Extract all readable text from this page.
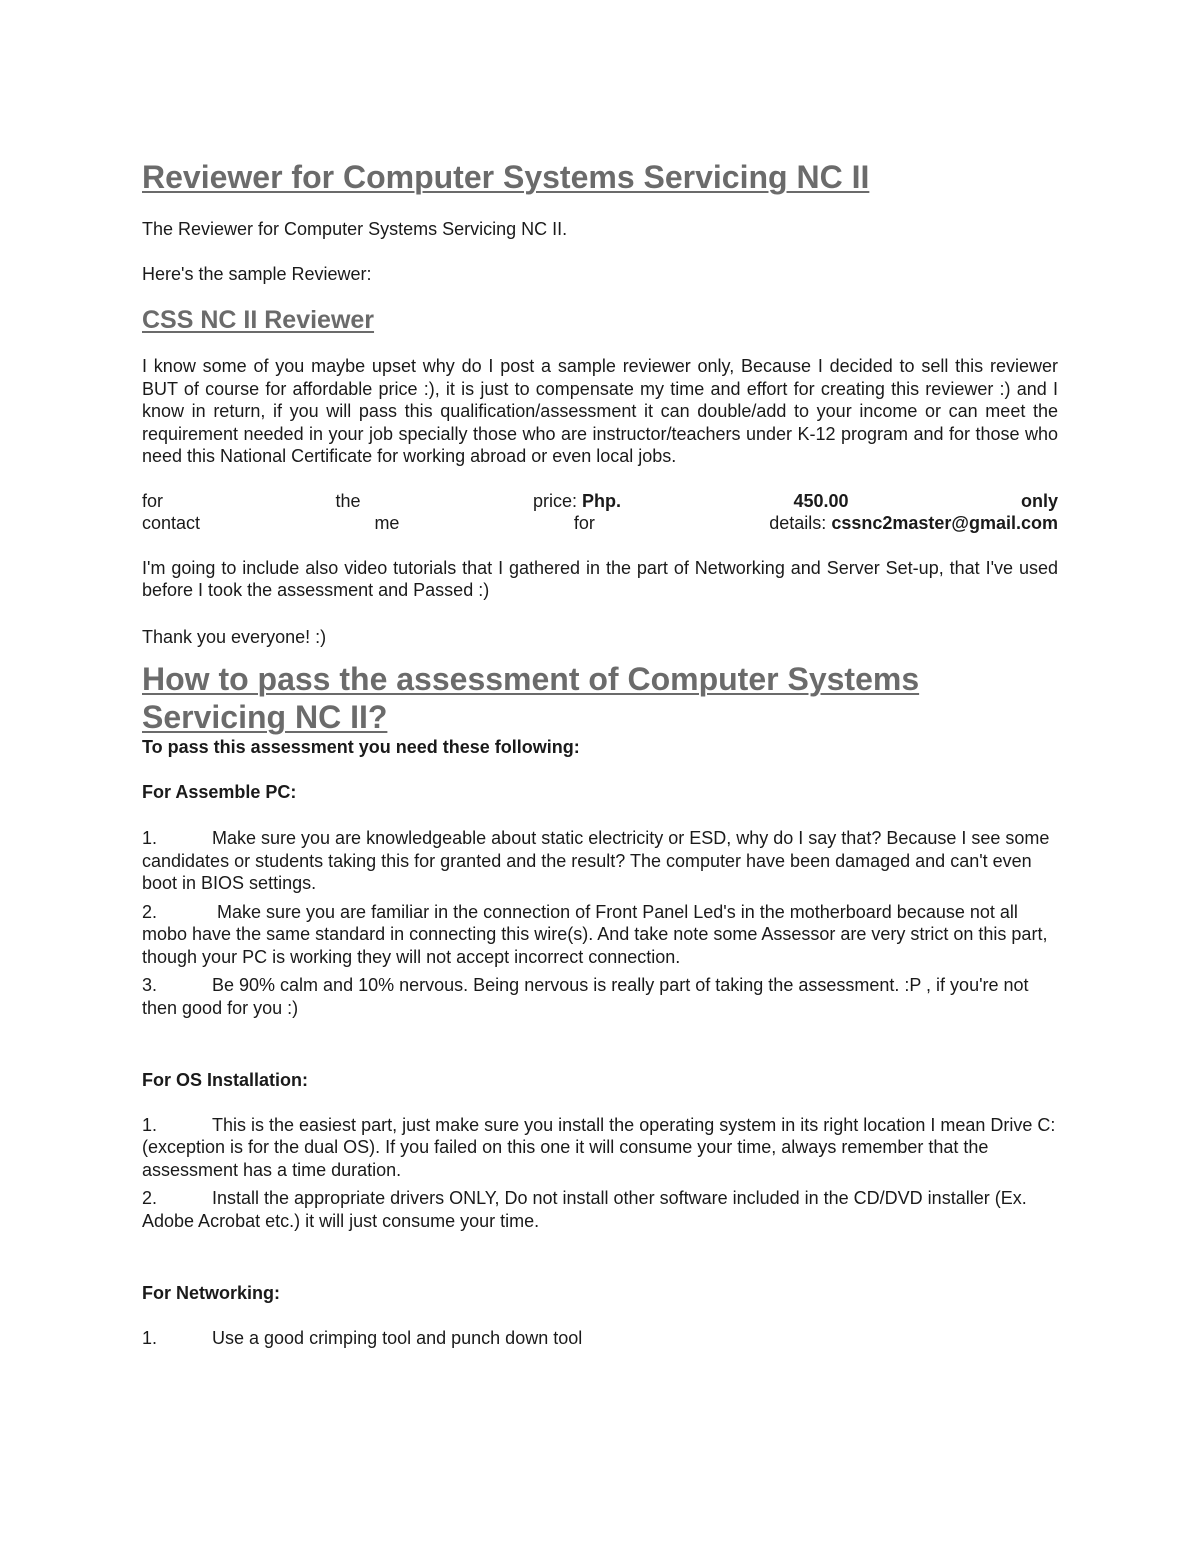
Reviewer for Computer Systems Servicing NC II

The Reviewer for Computer Systems Servicing NC II.

Here's the sample Reviewer:

CSS NC II Reviewer

I know some of you maybe upset why do I post a sample reviewer only, Because I decided to sell this reviewer BUT of course for affordable price :), it is just to compensate my time and effort for creating this reviewer :) and I know in return, if you will pass this qualification/assessment it can double/add to your income or can meet the requirement needed in your job specially those who are instructor/teachers under K-12 program and for those who need this National Certificate for working abroad or even local jobs.

for	the	price: Php.	450.00	only
contact	me	for	details: cssnc2master@gmail.com

I'm going to include also video tutorials that I gathered in the part of Networking and Server Set-up, that I've used before I took the assessment and Passed :)

Thank you everyone! :)

How to pass the assessment of Computer Systems Servicing NC II?

To pass this assessment you need these following:

For Assemble PC:

1.	Make sure you are knowledgeable about static electricity or ESD, why do I say that? Because I see some candidates or students taking this for granted and the result? The computer have been damaged and can't even boot in BIOS settings.

2.	Make sure you are familiar in the connection of Front Panel Led's in the motherboard because not all mobo have the same standard in connecting this wire(s). And take note some Assessor are very strict on this part, though your PC is working they will not accept incorrect connection.

3.	Be 90% calm and 10% nervous. Being nervous is really part of taking the assessment. :P , if you're not then good for you :)

For OS Installation:

1.	This is the easiest part, just make sure you install the operating system in its right location I mean Drive C: (exception is for the dual OS). If you failed on this one it will consume your time, always remember that the assessment has a time duration.

2.	Install the appropriate drivers ONLY, Do not install other software included in the CD/DVD installer (Ex. Adobe Acrobat etc.) it will just consume your time.

For Networking:

1.	Use a good crimping tool and punch down tool
